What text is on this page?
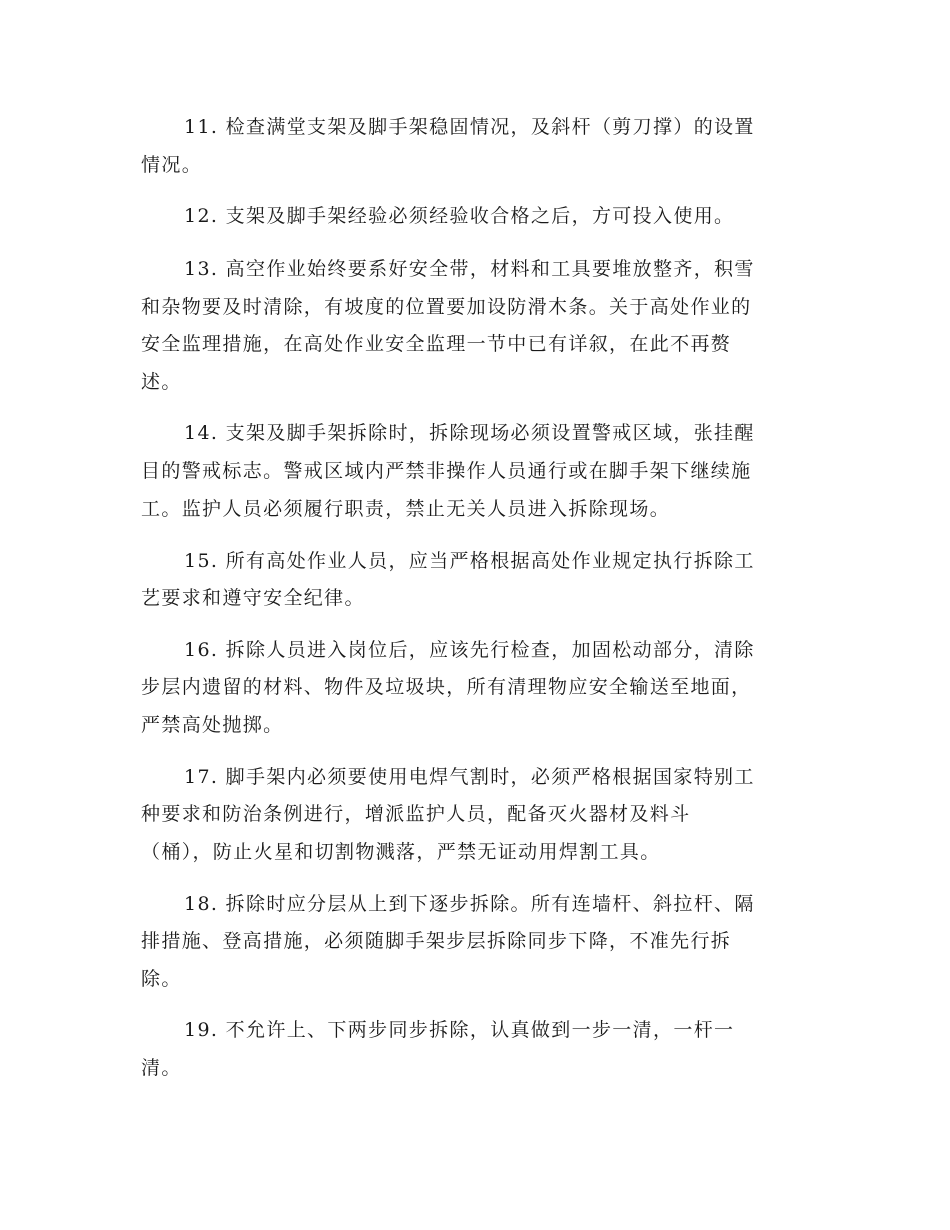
11. 检查满堂支架及脚手架稳固情况，及斜杆（剪刀撑）的设置

情况。

12. 支架及脚手架经验必须经验收合格之后，方可投入使用。

13. 高空作业始终要系好安全带，材料和工具要堆放整齐，积雪

和杂物要及时清除，有坡度的位置要加设防滑木条。关于高处作业的

安全监理措施，在高处作业安全监理一节中已有详叙，在此不再赘

述。

14. 支架及脚手架拆除时，拆除现场必须设置警戒区域，张挂醒

目的警戒标志。警戒区域内严禁非操作人员通行或在脚手架下继续施

工。监护人员必须履行职责，禁止无关人员进入拆除现场。

15. 所有高处作业人员，应当严格根据高处作业规定执行拆除工

艺要求和遵守安全纪律。

16. 拆除人员进入岗位后，应该先行检查，加固松动部分，清除

步层内遗留的材料、物件及垃圾块，所有清理物应安全输送至地面，

严禁高处抛掷。

17. 脚手架内必须要使用电焊气割时，必须严格根据国家特别工

种要求和防治条例进行，增派监护人员，配备灭火器材及料斗

（桶），防止火星和切割物溅落，严禁无证动用焊割工具。

18. 拆除时应分层从上到下逐步拆除。所有连墙杆、斜拉杆、隔

排措施、登高措施，必须随脚手架步层拆除同步下降，不准先行拆

除。

19. 不允许上、下两步同步拆除，认真做到一步一清，一杆一

清。
